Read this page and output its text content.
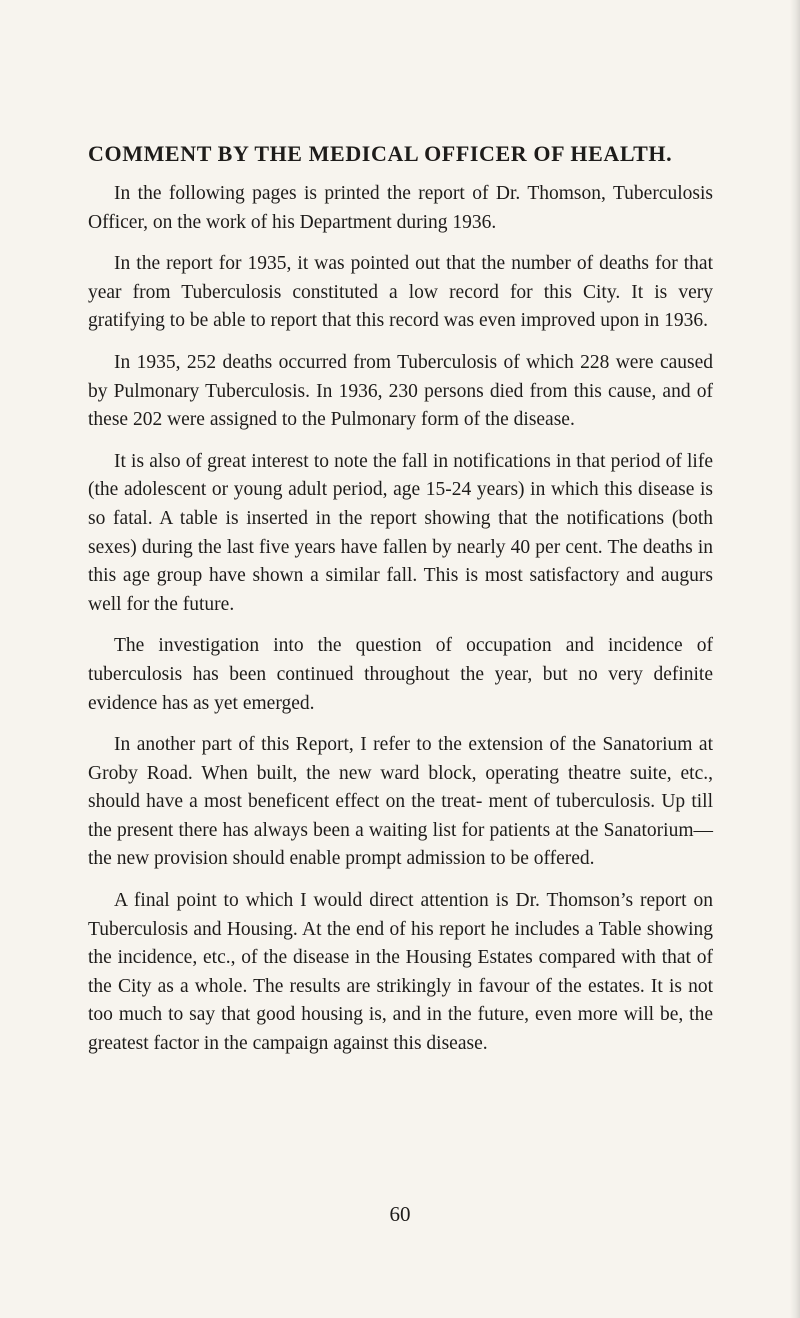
COMMENT BY THE MEDICAL OFFICER OF HEALTH.

In the following pages is printed the report of Dr. Thomson, Tuberculosis Officer, on the work of his Department during 1936.

In the report for 1935, it was pointed out that the number of deaths for that year from Tuberculosis constituted a low record for this City. It is very gratifying to be able to report that this record was even improved upon in 1936.

In 1935, 252 deaths occurred from Tuberculosis of which 228 were caused by Pulmonary Tuberculosis. In 1936, 230 persons died from this cause, and of these 202 were assigned to the Pulmonary form of the disease.

It is also of great interest to note the fall in notifications in that period of life (the adolescent or young adult period, age 15-24 years) in which this disease is so fatal. A table is inserted in the report showing that the notifications (both sexes) during the last five years have fallen by nearly 40 per cent. The deaths in this age group have shown a similar fall. This is most satisfactory and augurs well for the future.

The investigation into the question of occupation and incidence of tuberculosis has been continued throughout the year, but no very definite evidence has as yet emerged.

In another part of this Report, I refer to the extension of the Sanatorium at Groby Road. When built, the new ward block, operating theatre suite, etc., should have a most beneficent effect on the treat- ment of tuberculosis. Up till the present there has always been a waiting list for patients at the Sanatorium—the new provision should enable prompt admission to be offered.

A final point to which I would direct attention is Dr. Thomson’s report on Tuberculosis and Housing. At the end of his report he includes a Table showing the incidence, etc., of the disease in the Housing Estates compared with that of the City as a whole. The results are strikingly in favour of the estates. It is not too much to say that good housing is, and in the future, even more will be, the greatest factor in the campaign against this disease.

60
